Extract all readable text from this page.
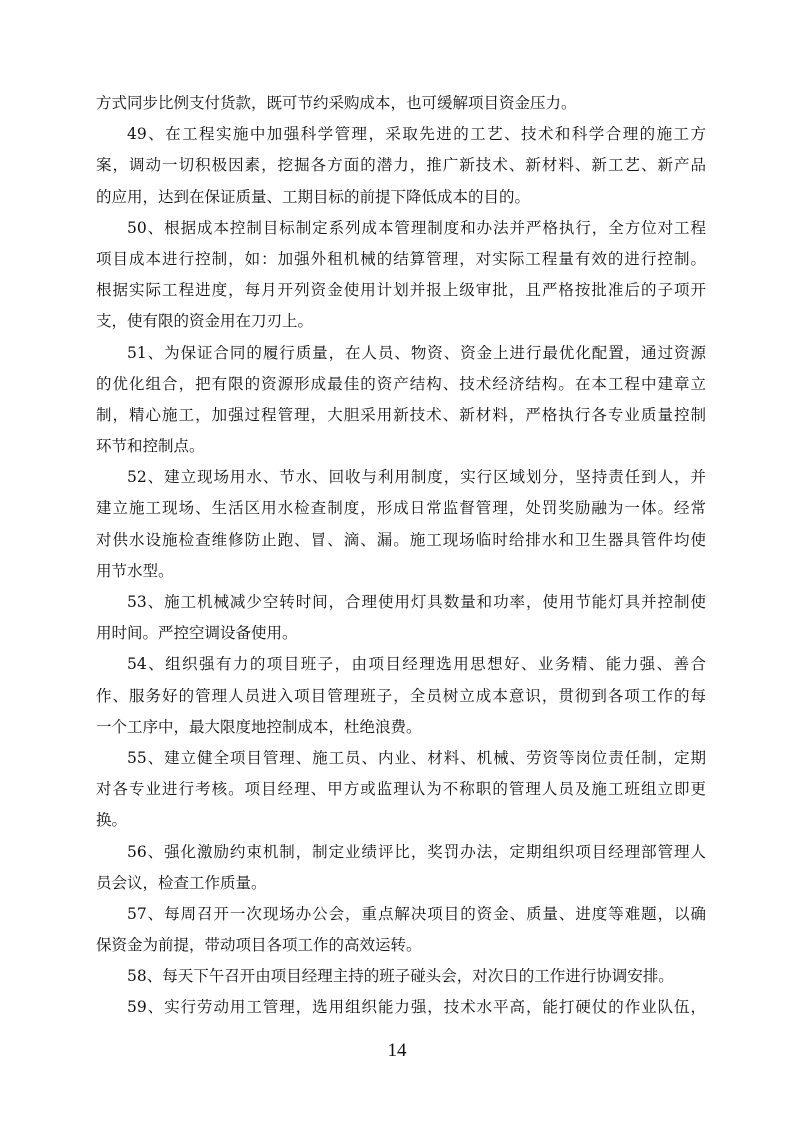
方式同步比例支付货款，既可节约采购成本，也可缓解项目资金压力。
49、在工程实施中加强科学管理，采取先进的工艺、技术和科学合理的施工方
案，调动一切积极因素，挖掘各方面的潜力，推广新技术、新材料、新工艺、新产品
的应用，达到在保证质量、工期目标的前提下降低成本的目的。
50、根据成本控制目标制定系列成本管理制度和办法并严格执行，全方位对工程
项目成本进行控制，如：加强外租机械的结算管理，对实际工程量有效的进行控制。
根据实际工程进度，每月开列资金使用计划并报上级审批，且严格按批准后的子项开
支，使有限的资金用在刀刃上。
51、为保证合同的履行质量，在人员、物资、资金上进行最优化配置，通过资源
的优化组合，把有限的资源形成最佳的资产结构、技术经济结构。在本工程中建章立
制，精心施工，加强过程管理，大胆采用新技术、新材料，严格执行各专业质量控制
环节和控制点。
52、建立现场用水、节水、回收与利用制度，实行区域划分，坚持责任到人，并
建立施工现场、生活区用水检查制度，形成日常监督管理，处罚奖励融为一体。经常
对供水设施检查维修防止跑、冒、滴、漏。施工现场临时给排水和卫生器具管件均使
用节水型。
53、施工机械减少空转时间，合理使用灯具数量和功率，使用节能灯具并控制使
用时间。严控空调设备使用。
54、组织强有力的项目班子，由项目经理选用思想好、业务精、能力强、善合
作、服务好的管理人员进入项目管理班子，全员树立成本意识，贯彻到各项工作的每
一个工序中，最大限度地控制成本，杜绝浪费。
55、建立健全项目管理、施工员、内业、材料、机械、劳资等岗位责任制，定期
对各专业进行考核。项目经理、甲方或监理认为不称职的管理人员及施工班组立即更
换。
56、强化激励约束机制，制定业绩评比，奖罚办法，定期组织项目经理部管理人
员会议，检查工作质量。
57、每周召开一次现场办公会，重点解决项目的资金、质量、进度等难题，以确
保资金为前提，带动项目各项工作的高效运转。
58、每天下午召开由项目经理主持的班子碰头会，对次日的工作进行协调安排。
59、实行劳动用工管理，选用组织能力强，技术水平高，能打硬仗的作业队伍，
14
